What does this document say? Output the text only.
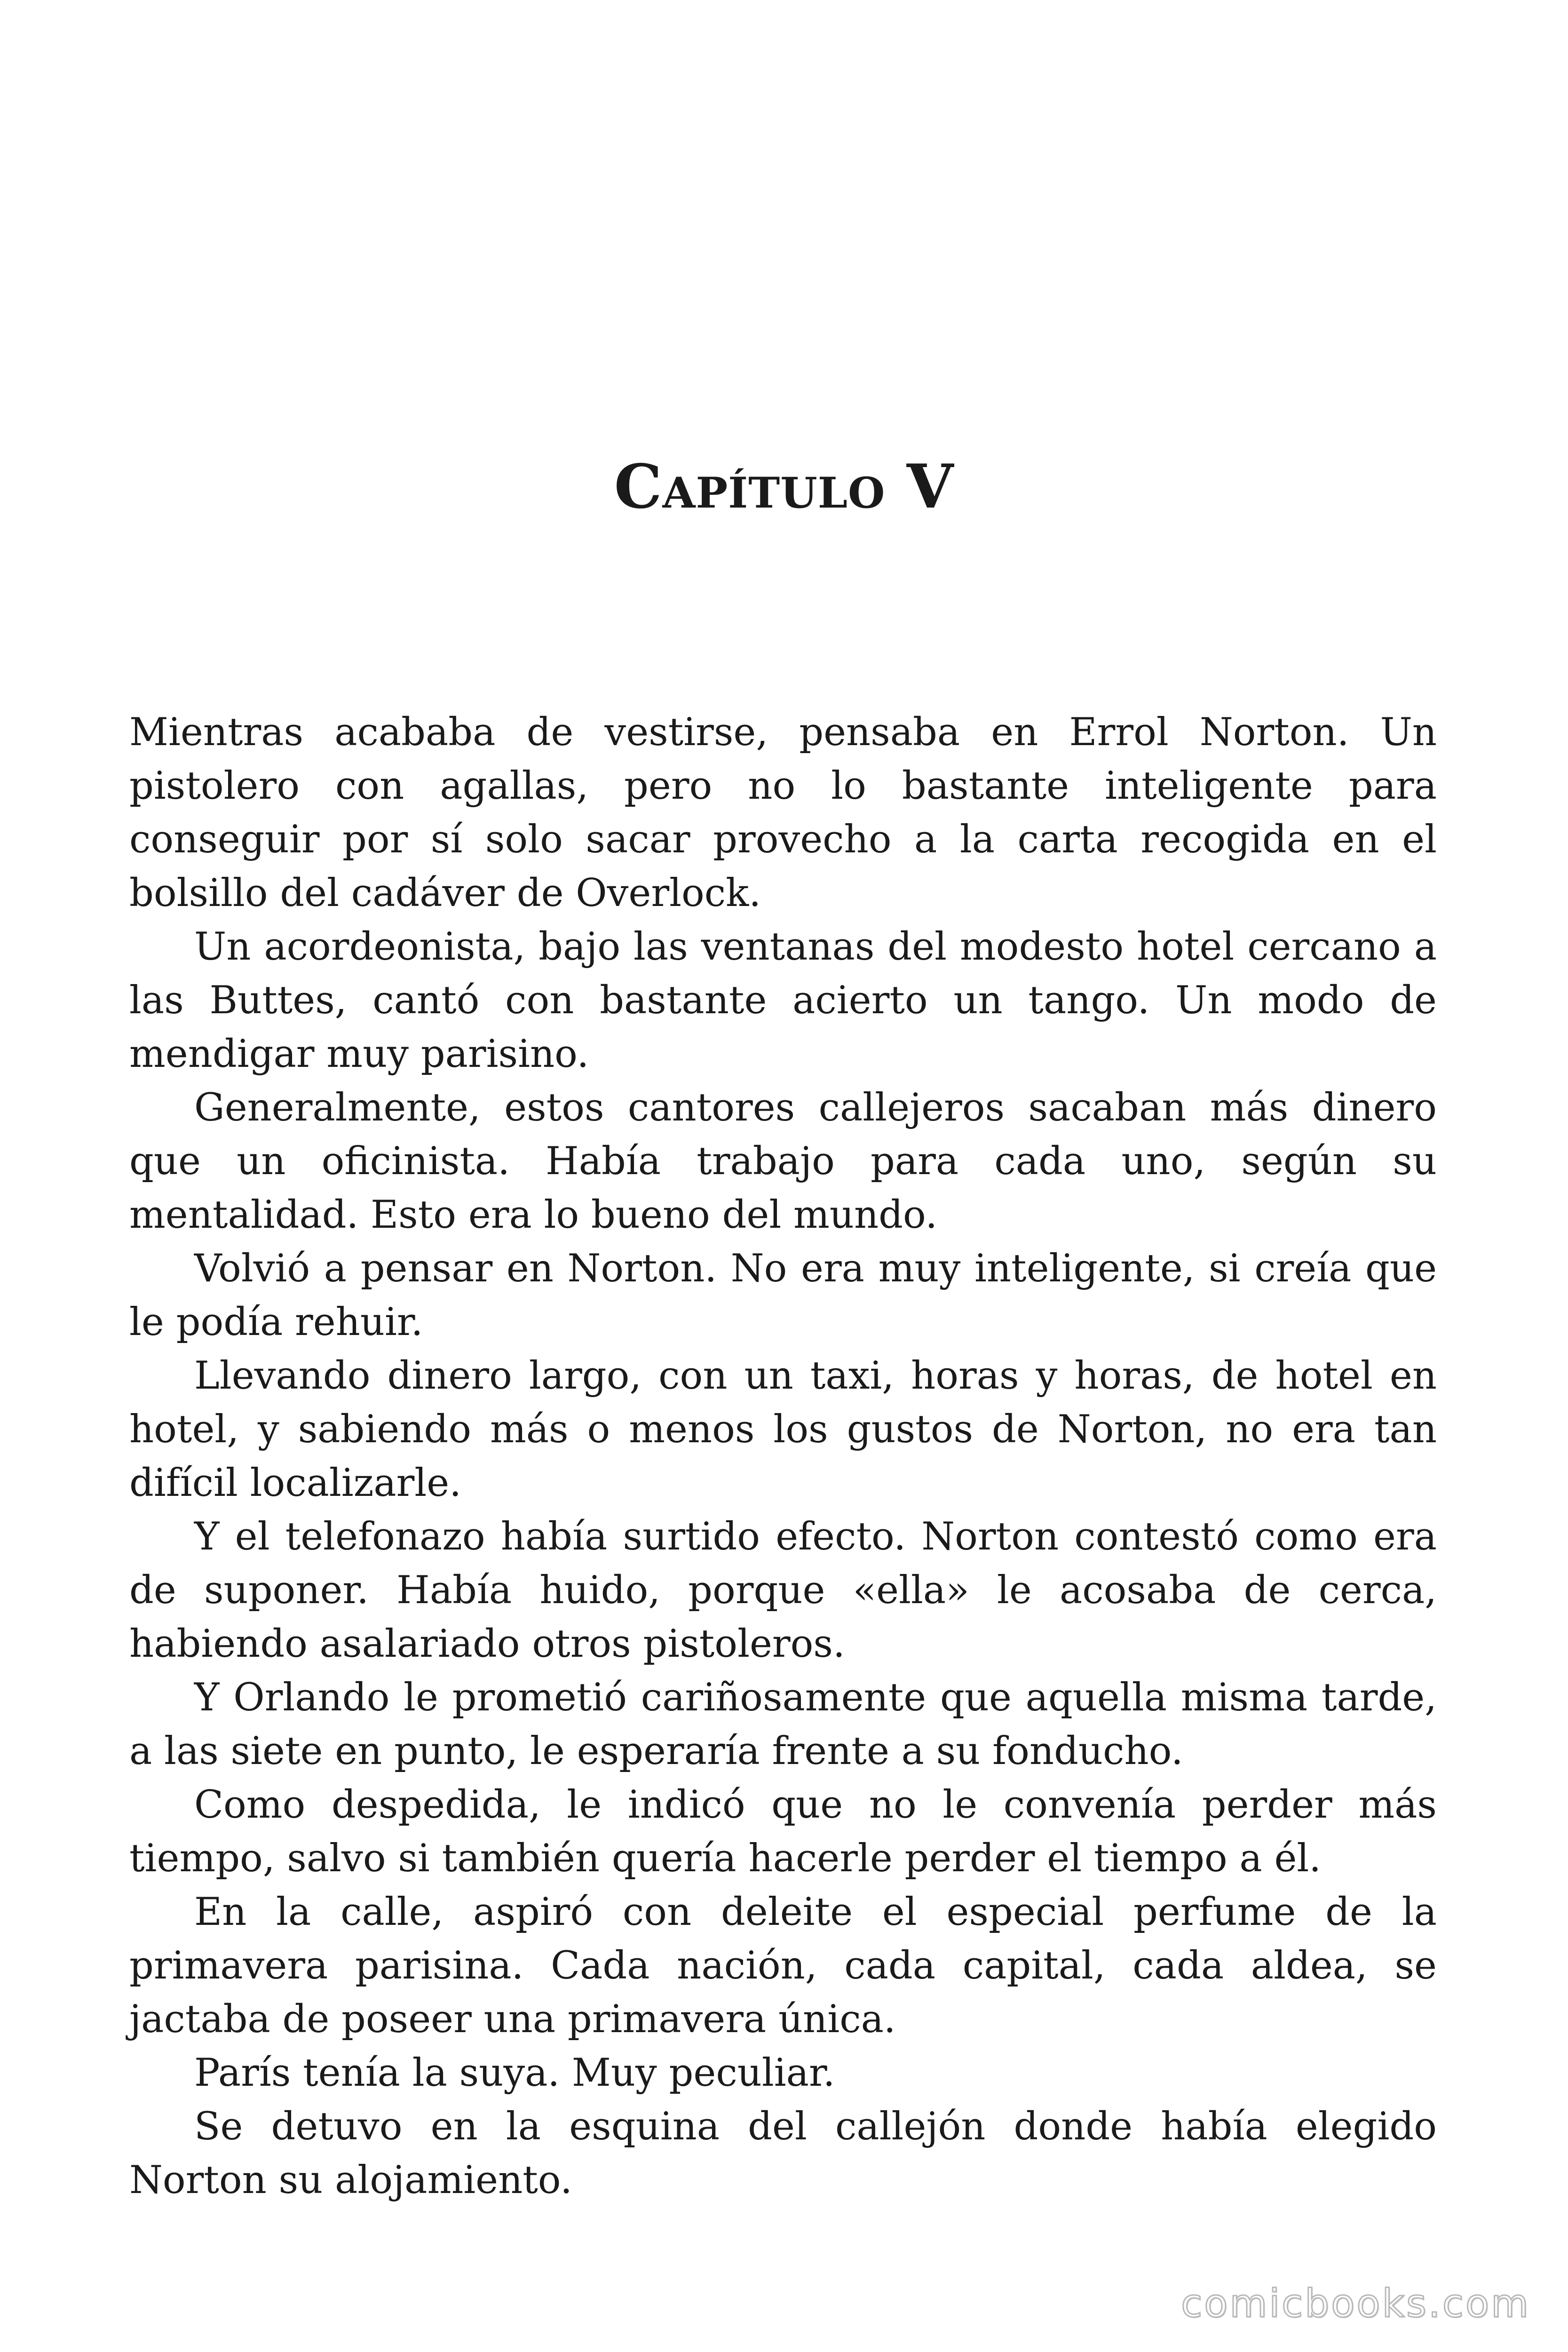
Capítulo V

Mientras acababa de vestirse, pensaba en Errol Norton. Un pistolero con agallas, pero no lo bastante inteligente para conseguir por sí solo sacar provecho a la carta recogida en el bolsillo del cadáver de Overlock.

Un acordeonista, bajo las ventanas del modesto hotel cercano a las Buttes, cantó con bastante acierto un tango. Un modo de mendigar muy parisino.

Generalmente, estos cantores callejeros sacaban más dinero que un oficinista. Había trabajo para cada uno, según su mentalidad. Esto era lo bueno del mundo.

Volvió a pensar en Norton. No era muy inteligente, si creía que le podía rehuir.

Llevando dinero largo, con un taxi, horas y horas, de hotel en hotel, y sabiendo más o menos los gustos de Norton, no era tan difícil localizarle.

Y el telefonazo había surtido efecto. Norton contestó como era de suponer. Había huido, porque «ella» le acosaba de cerca, habiendo asalariado otros pistoleros.

Y Orlando le prometió cariñosamente que aquella misma tarde, a las siete en punto, le esperaría frente a su fonducho.

Como despedida, le indicó que no le convenía perder más tiempo, salvo si también quería hacerle perder el tiempo a él.

En la calle, aspiró con deleite el especial perfume de la primavera parisina. Cada nación, cada capital, cada aldea, se jactaba de poseer una primavera única.

París tenía la suya. Muy peculiar.

Se detuvo en la esquina del callejón donde había elegido Norton su alojamiento.

comicbooks.com
